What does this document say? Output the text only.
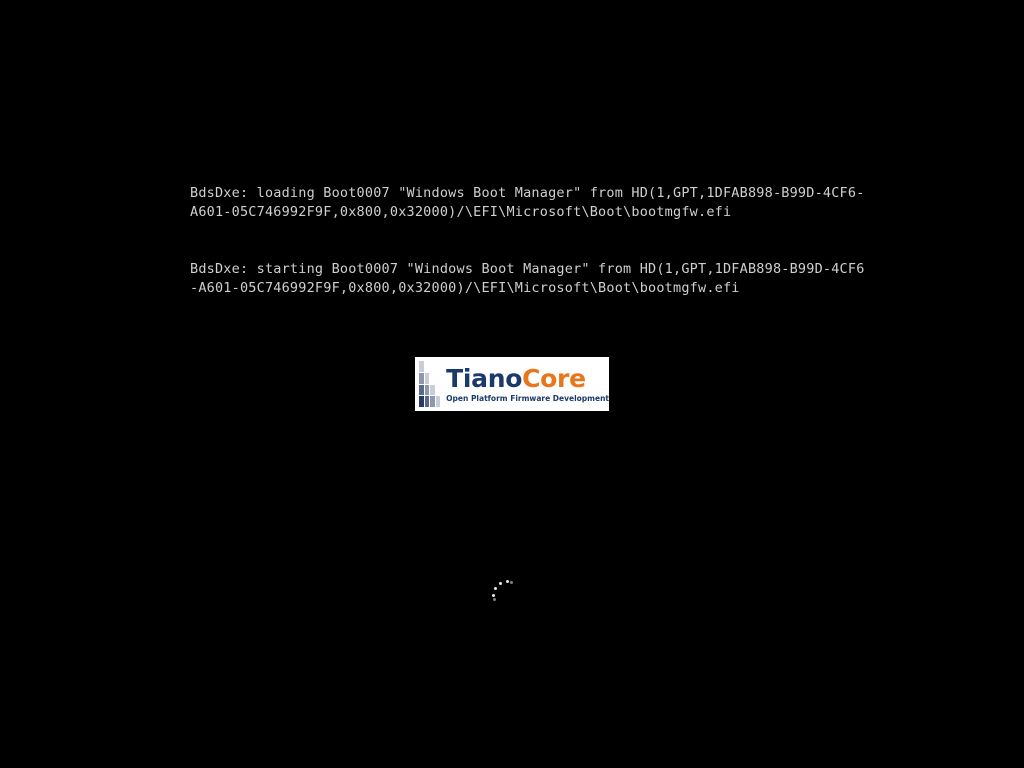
BdsDxe: loading Boot0007 "Windows Boot Manager" from HD(1,GPT,1DFAB898-B99D-4CF6-A601-05C746992F9F,0x800,0x32000)/\EFI\Microsoft\Boot\bootmgfw.efi

BdsDxe: starting Boot0007 "Windows Boot Manager" from HD(1,GPT,1DFAB898-B99D-4CF6-A601-05C746992F9F,0x800,0x32000)/\EFI\Microsoft\Boot\bootmgfw.efi

TianoCore
Open Platform Firmware Development
